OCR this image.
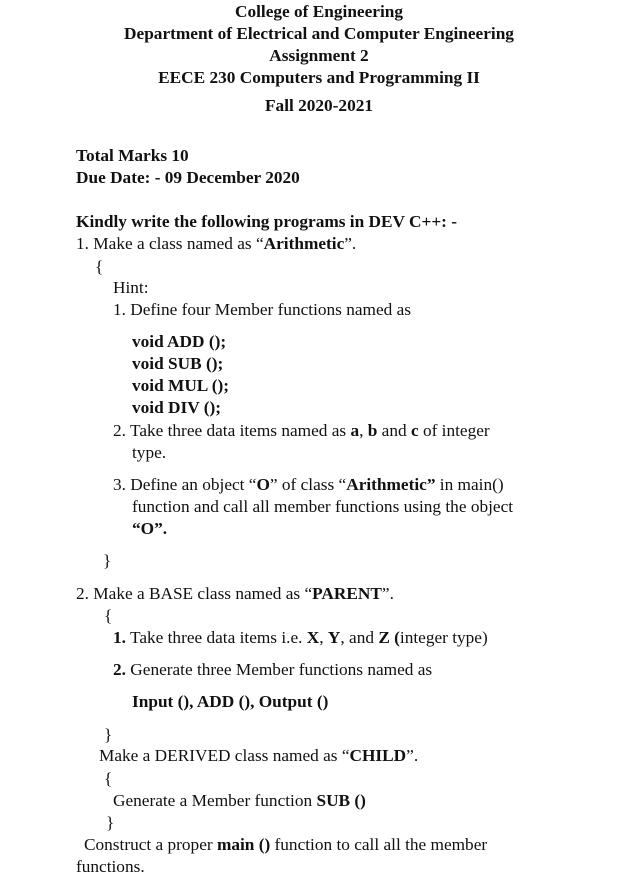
College of Engineering
Department of Electrical and Computer Engineering
Assignment 2
EECE 230 Computers and Programming II
Fall 2020-2021
Total Marks 10
Due Date: - 09 December 2020
Kindly write the following programs in DEV C++: -
1. Make a class named as “Arithmetic”.
{
Hint:
1. Define four Member functions named as
void ADD ();
void SUB ();
void MUL ();
void DIV ();
2. Take three data items named as a, b and c of integer
type.
3. Define an object “O” of class “Arithmetic” in main()
function and call all member functions using the object
“O”.
}
2. Make a BASE class named as “PARENT”.
{
1. Take three data items i.e. X, Y, and Z (integer type)
2. Generate three Member functions named as
Input (), ADD (), Output ()
}
Make a DERIVED class named as “CHILD”.
{
Generate a Member function SUB ()
}
Construct a proper main () function to call all the member
functions.
